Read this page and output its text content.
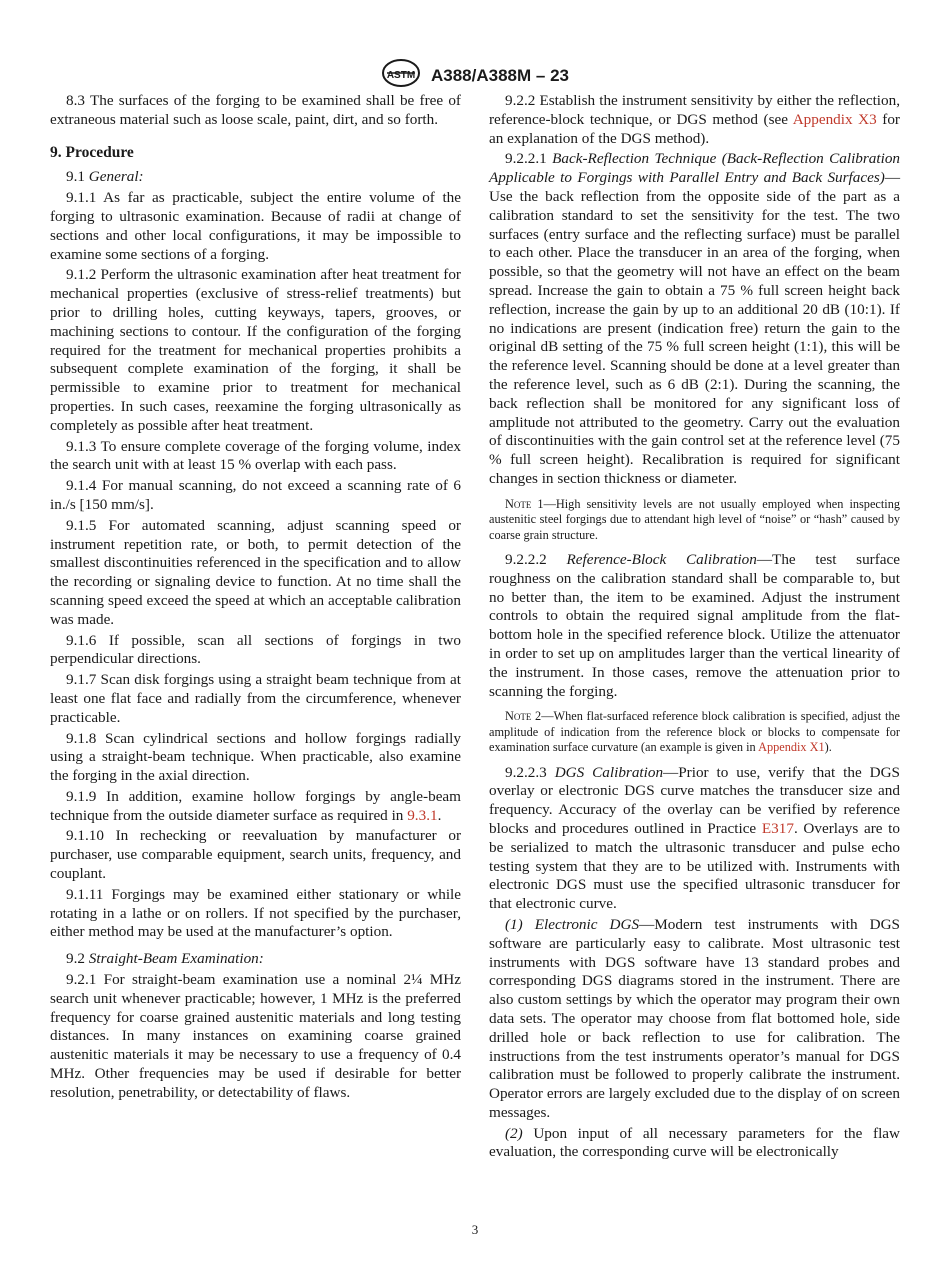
ASTM A388/A388M – 23

8.3 The surfaces of the forging to be examined shall be free of extraneous material such as loose scale, paint, dirt, and so forth.

9. Procedure

9.1 General:

9.1.1 As far as practicable, subject the entire volume of the forging to ultrasonic examination. Because of radii at change of sections and other local configurations, it may be impossible to examine some sections of a forging.

9.1.2 Perform the ultrasonic examination after heat treatment for mechanical properties (exclusive of stress-relief treatments) but prior to drilling holes, cutting keyways, tapers, grooves, or machining sections to contour. If the configuration of the forging required for the treatment for mechanical properties prohibits a subsequent complete examination of the forging, it shall be permissible to examine prior to treatment for mechanical properties. In such cases, reexamine the forging ultrasonically as completely as possible after heat treatment.

9.1.3 To ensure complete coverage of the forging volume, index the search unit with at least 15 % overlap with each pass.

9.1.4 For manual scanning, do not exceed a scanning rate of 6 in./s [150 mm/s].

9.1.5 For automated scanning, adjust scanning speed or instrument repetition rate, or both, to permit detection of the smallest discontinuities referenced in the specification and to allow the recording or signaling device to function. At no time shall the scanning speed exceed the speed at which an acceptable calibration was made.

9.1.6 If possible, scan all sections of forgings in two perpendicular directions.

9.1.7 Scan disk forgings using a straight beam technique from at least one flat face and radially from the circumference, whenever practicable.

9.1.8 Scan cylindrical sections and hollow forgings radially using a straight-beam technique. When practicable, also examine the forging in the axial direction.

9.1.9 In addition, examine hollow forgings by angle-beam technique from the outside diameter surface as required in 9.3.1.

9.1.10 In rechecking or reevaluation by manufacturer or purchaser, use comparable equipment, search units, frequency, and couplant.

9.1.11 Forgings may be examined either stationary or while rotating in a lathe or on rollers. If not specified by the purchaser, either method may be used at the manufacturer’s option.

9.2 Straight-Beam Examination:

9.2.1 For straight-beam examination use a nominal 2¼ MHz search unit whenever practicable; however, 1 MHz is the preferred frequency for coarse grained austenitic materials and long testing distances. In many instances on examining coarse grained austenitic materials it may be necessary to use a frequency of 0.4 MHz. Other frequencies may be used if desirable for better resolution, penetrability, or detectability of flaws.

9.2.2 Establish the instrument sensitivity by either the reflection, reference-block technique, or DGS method (see Appendix X3 for an explanation of the DGS method).

9.2.2.1 Back-Reflection Technique (Back-Reflection Calibration Applicable to Forgings with Parallel Entry and Back Surfaces)—Use the back reflection from the opposite side of the part as a calibration standard to set the sensitivity for the test. The two surfaces (entry surface and the reflecting surface) must be parallel to each other. Place the transducer in an area of the forging, when possible, so that the geometry will not have an effect on the beam spread. Increase the gain to obtain a 75 % full screen height back reflection, increase the gain by up to an additional 20 dB (10:1). If no indications are present (indication free) return the gain to the original dB setting of the 75 % full screen height (1:1), this will be the reference level. Scanning should be done at a level greater than the reference level, such as 6 dB (2:1). During the scanning, the back reflection shall be monitored for any significant loss of amplitude not attributed to the geometry. Carry out the evaluation of discontinuities with the gain control set at the reference level (75 % full screen height). Recalibration is required for significant changes in section thickness or diameter.

Note 1—High sensitivity levels are not usually employed when inspecting austenitic steel forgings due to attendant high level of “noise” or “hash” caused by coarse grain structure.

9.2.2.2 Reference-Block Calibration—The test surface roughness on the calibration standard shall be comparable to, but no better than, the item to be examined. Adjust the instrument controls to obtain the required signal amplitude from the flat-bottom hole in the specified reference block. Utilize the attenuator in order to set up on amplitudes larger than the vertical linearity of the instrument. In those cases, remove the attenuation prior to scanning the forging.

Note 2—When flat-surfaced reference block calibration is specified, adjust the amplitude of indication from the reference block or blocks to compensate for examination surface curvature (an example is given in Appendix X1).

9.2.2.3 DGS Calibration—Prior to use, verify that the DGS overlay or electronic DGS curve matches the transducer size and frequency. Accuracy of the overlay can be verified by reference blocks and procedures outlined in Practice E317. Overlays are to be serialized to match the ultrasonic transducer and pulse echo testing system that they are to be utilized with. Instruments with electronic DGS must use the specified ultrasonic transducer for that electronic curve.

(1) Electronic DGS—Modern test instruments with DGS software are particularly easy to calibrate. Most ultrasonic test instruments with DGS software have 13 standard probes and corresponding DGS diagrams stored in the instrument. There are also custom settings by which the operator may program their own data sets. The operator may choose from flat bottomed hole, side drilled hole or back reflection to use for calibration. The instructions from the test instruments operator’s manual for DGS calibration must be followed to properly calibrate the instrument. Operator errors are largely excluded due to the display of on screen messages.

(2) Upon input of all necessary parameters for the flaw evaluation, the corresponding curve will be electronically

3
